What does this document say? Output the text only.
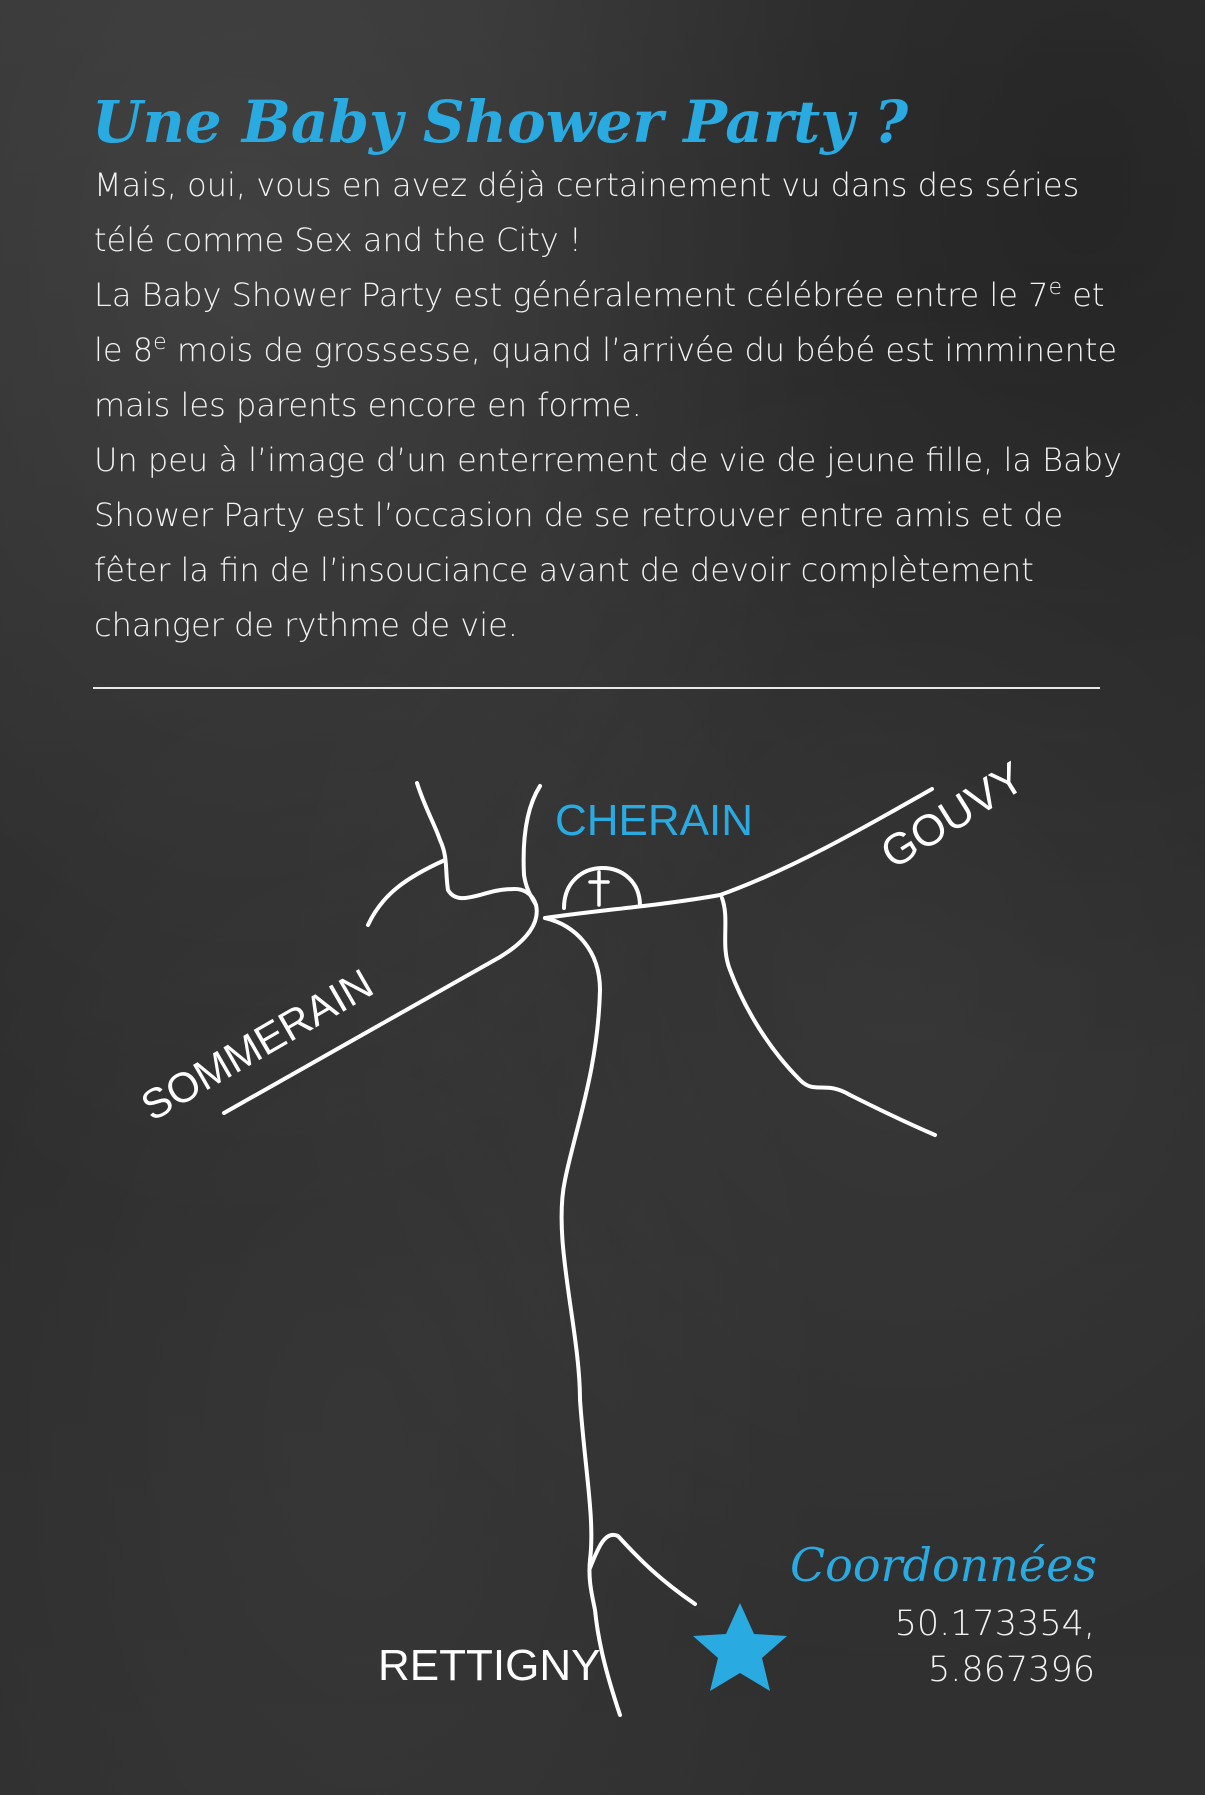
Une Baby Shower Party ?

Mais, oui, vous en avez déjà certainement vu dans des séries télé comme Sex and the City !

La Baby Shower Party est généralement célébrée entre le 7e et le 8e mois de grossesse, quand l’arrivée du bébé est imminente mais les parents encore en forme.

Un peu à l’image d’un enterrement de vie de jeune fille, la Baby Shower Party est l’occasion de se retrouver entre amis et de fêter la fin de l’insouciance avant de devoir complètement changer de rythme de vie.

CHERAIN	GOUVY
SOMMERAIN
RETTIGNY
Coordonnées
50.173354,
5.867396
